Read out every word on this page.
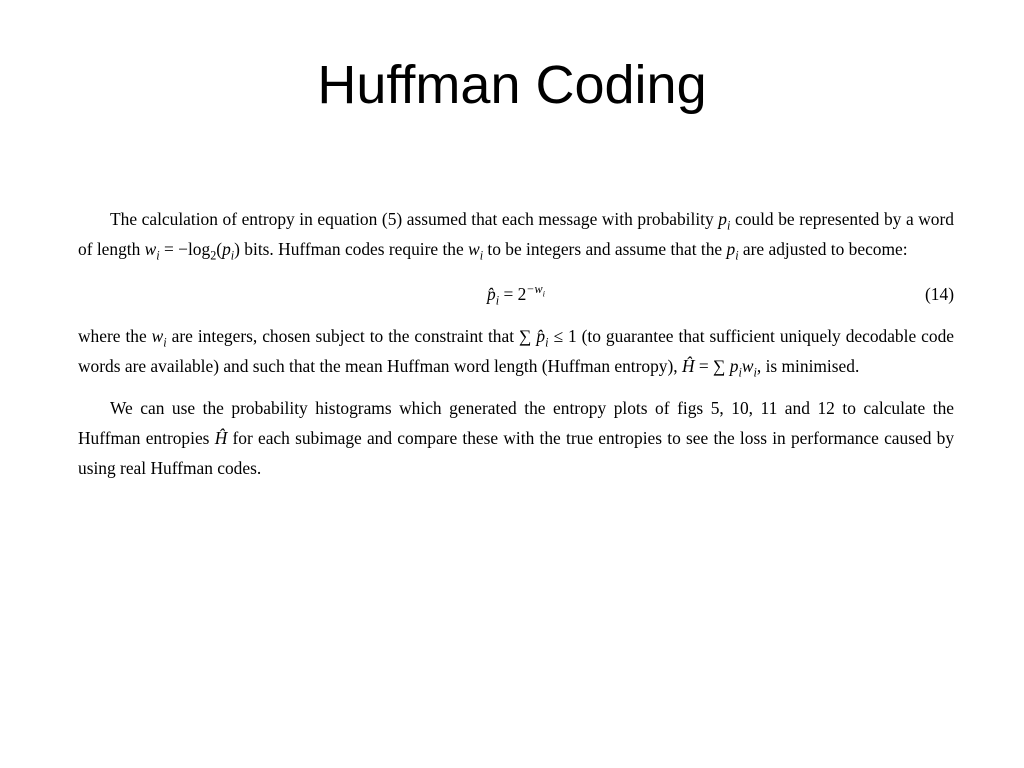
Huffman Coding

The calculation of entropy in equation (5) assumed that each message with probability $p_i$ could be represented by a word of length $w_i = -\log_2(p_i)$ bits. Huffman codes require the $w_i$ to be integers and assume that the $p_i$ are adjusted to become:

$p̂_i = 2^{-w_i}$	(14)

where the $w_i$ are integers, chosen subject to the constraint that ∑ $p̂_i \le 1$ (to guarantee that sufficient uniquely decodable code words are available) and such that the mean Huffman word length (Huffman entropy), Ĥ = ∑ $p_iw_i$, is minimised.

We can use the probability histograms which generated the entropy plots of figs 5, 10, 11 and 12 to calculate the Huffman entropies Ĥ for each subimage and compare these with the true entropies to see the loss in performance caused by using real Huffman codes.
